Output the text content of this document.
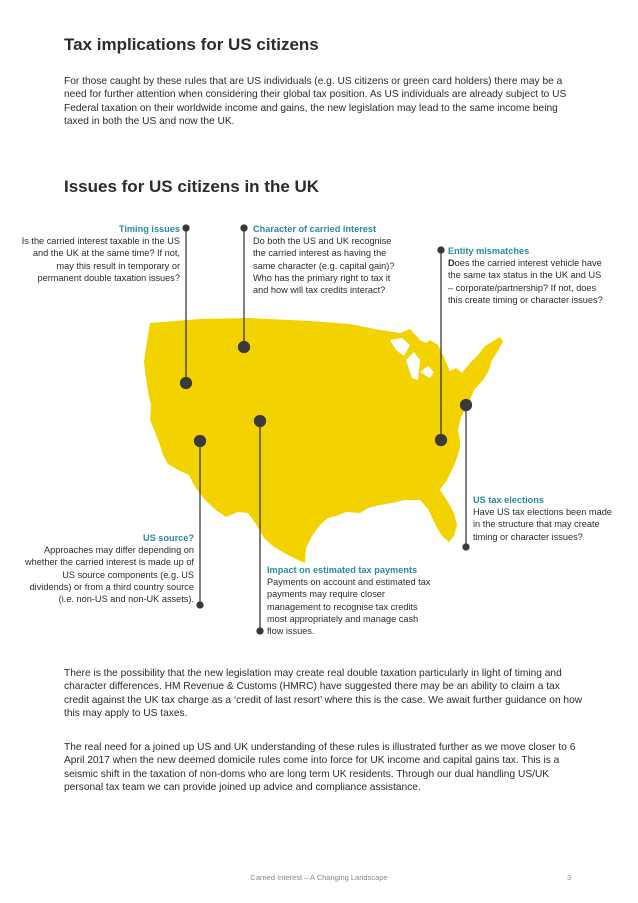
Tax implications for US citizens

For those caught by these rules that are US individuals (e.g. US citizens or green card holders) there may be a need for further attention when considering their global tax position. As US individuals are already subject to US Federal taxation on their worldwide income and gains, the new legislation may lead to the same income being taxed in both the US and now the UK.

Issues for US citizens in the UK
Timing issues
Is the carried interest taxable in the US and the UK at the same time? If not, may this result in temporary or permanent double taxation issues?
Character of carried interest
Do both the US and UK recognise the carried interest as having the same character (e.g. capital gain)? Who has the primary right to tax it and how will tax credits interact?
Entity mismatches
Does the carried interest vehicle have the same tax status in the UK and US – corporate/partnership? If not, does this create timing or character issues?
US source?
Approaches may differ depending on whether the carried interest is made up of US source components (e.g. US dividends) or from a third country source (i.e. non-US and non-UK assets).
Impact on estimated tax payments
Payments on account and estimated tax payments may require closer management to recognise tax credits most appropriately and manage cash flow issues.
US tax elections
Have US tax elections been made in the structure that may create timing or character issues?

There is the possibility that the new legislation may create real double taxation particularly in light of timing and character differences. HM Revenue & Customs (HMRC) have suggested there may be an ability to claim a tax credit against the UK tax charge as a ‘credit of last resort’ where this is the case. We await further guidance on how this may apply to US taxes.

The real need for a joined up US and UK understanding of these rules is illustrated further as we move closer to 6 April 2017 when the new deemed domicile rules come into force for UK income and capital gains tax. This is a seismic shift in the taxation of non-doms who are long term UK residents. Through our dual handling US/UK personal tax team we can provide joined up advice and compliance assistance.

Carried Interest – A Changing Landscape	3
